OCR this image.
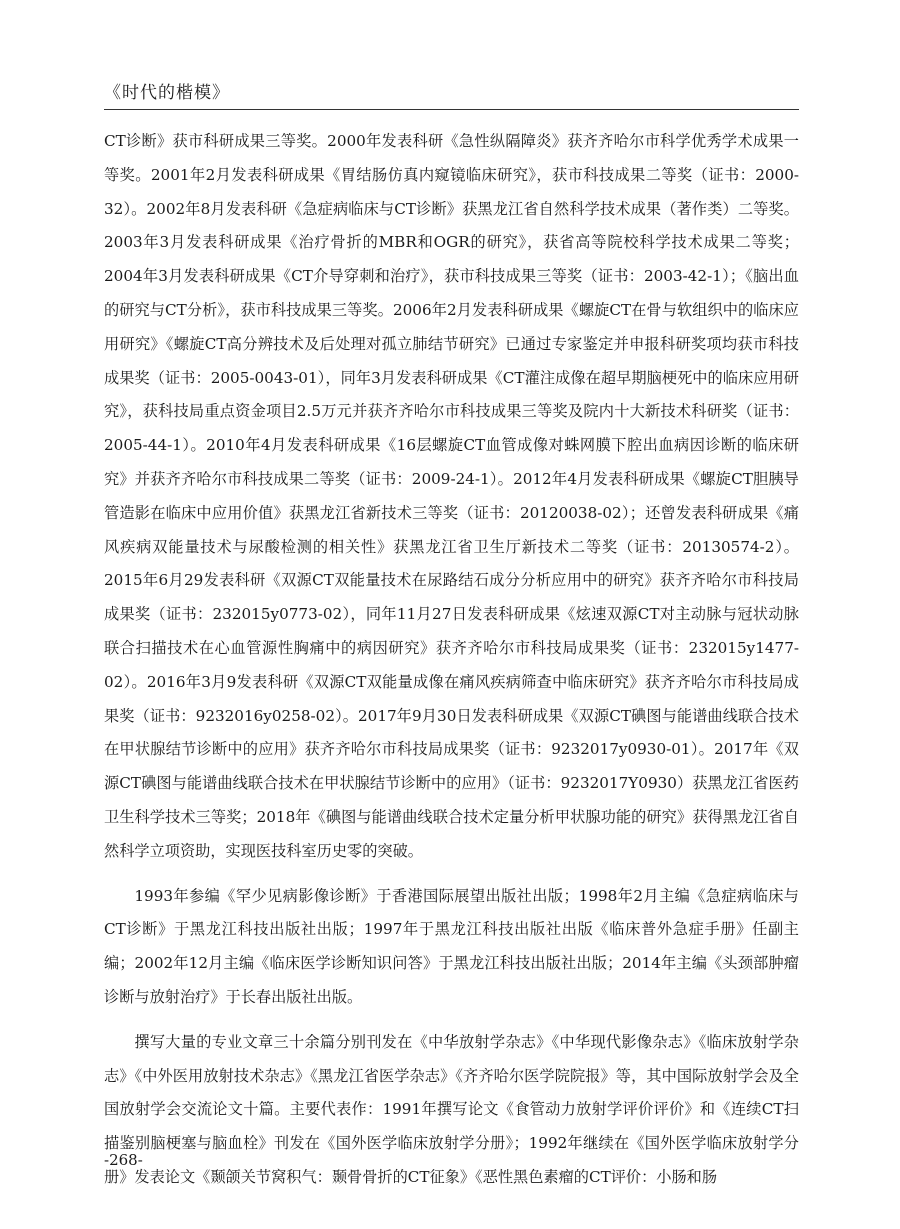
《时代的楷模》

CT诊断》获市科研成果三等奖。2000年发表科研《急性纵隔障炎》获齐齐哈尔市科学优秀学术成果一等奖。2001年2月发表科研成果《胃结肠仿真内窥镜临床研究》，获市科技成果二等奖（证书：2000-32）。2002年8月发表科研《急症病临床与CT诊断》获黑龙江省自然科学技术成果（著作类）二等奖。2003年3月发表科研成果《治疗骨折的MBR和OGR的研究》，获省高等院校科学技术成果二等奖；2004年3月发表科研成果《CT介导穿刺和治疗》，获市科技成果三等奖（证书：2003-42-1）；《脑出血的研究与CT分析》，获市科技成果三等奖。2006年2月发表科研成果《螺旋CT在骨与软组织中的临床应用研究》《螺旋CT高分辨技术及后处理对孤立肺结节研究》已通过专家鉴定并申报科研奖项均获市科技成果奖（证书：2005-0043-01），同年3月发表科研成果《CT灌注成像在超早期脑梗死中的临床应用研究》，获科技局重点资金项目2.5万元并获齐齐哈尔市科技成果三等奖及院内十大新技术科研奖（证书：2005-44-1）。2010年4月发表科研成果《16层螺旋CT血管成像对蛛网膜下腔出血病因诊断的临床研究》并获齐齐哈尔市科技成果二等奖（证书：2009-24-1）。2012年4月发表科研成果《螺旋CT胆胰导管造影在临床中应用价值》获黑龙江省新技术三等奖（证书：20120038-02）；还曾发表科研成果《痛风疾病双能量技术与尿酸检测的相关性》获黑龙江省卫生厅新技术二等奖（证书：20130574-2）。2015年6月29发表科研《双源CT双能量技术在尿路结石成分分析应用中的研究》获齐齐哈尔市科技局成果奖（证书：232015y0773-02），同年11月27日发表科研成果《炫速双源CT对主动脉与冠状动脉联合扫描技术在心血管源性胸痛中的病因研究》获齐齐哈尔市科技局成果奖（证书：232015y1477-02）。2016年3月9发表科研《双源CT双能量成像在痛风疾病筛查中临床研究》获齐齐哈尔市科技局成果奖（证书：9232016y0258-02）。2017年9月30日发表科研成果《双源CT碘图与能谱曲线联合技术在甲状腺结节诊断中的应用》获齐齐哈尔市科技局成果奖（证书：9232017y0930-01）。2017年《双源CT碘图与能谱曲线联合技术在甲状腺结节诊断中的应用》（证书：9232017Y0930）获黑龙江省医药卫生科学技术三等奖；2018年《碘图与能谱曲线联合技术定量分析甲状腺功能的研究》获得黑龙江省自然科学立项资助，实现医技科室历史零的突破。

1993年参编《罕少见病影像诊断》于香港国际展望出版社出版；1998年2月主编《急症病临床与CT诊断》于黑龙江科技出版社出版；1997年于黑龙江科技出版社出版《临床普外急症手册》任副主编；2002年12月主编《临床医学诊断知识问答》于黑龙江科技出版社出版；2014年主编《头颈部肿瘤诊断与放射治疗》于长春出版社出版。

撰写大量的专业文章三十余篇分别刊发在《中华放射学杂志》《中华现代影像杂志》《临床放射学杂志》《中外医用放射技术杂志》《黑龙江省医学杂志》《齐齐哈尔医学院院报》等，其中国际放射学会及全国放射学会交流论文十篇。主要代表作：1991年撰写论文《食管动力放射学评价评价》和《连续CT扫描鉴别脑梗塞与脑血栓》刊发在《国外医学临床放射学分册》；1992年继续在《国外医学临床放射学分册》发表论文《颞颌关节窝积气：颞骨骨折的CT征象》《恶性黑色素瘤的CT评价：小肠和肠

-268-
